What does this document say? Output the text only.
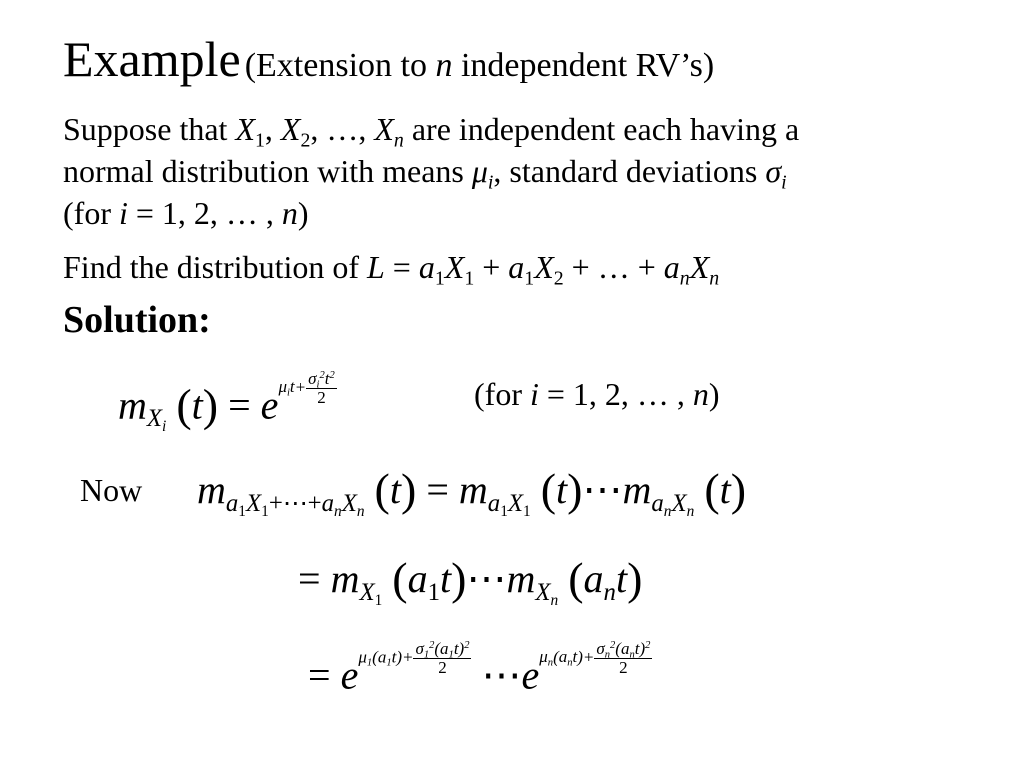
Example (Extension to n independent RV’s)
Suppose that $X_1$, $X_2$, …, $X_n$ are independent each having a
normal distribution with means $\mu_i$, standard deviations $\sigma_i$
(for i = 1, 2, … , n)
Find the distribution of $L = a_1X_1 + a_1X_2$ + … + $a_nX_n$
Solution:
$m_{X_i}$ $(t) = e\mu_it+ \frac{\sigma_i^2t^2}{2}$	(for i = 1, 2, … , n)
Now $m_{a_1X_1+\cdots+a_nX_n}$ $(t) = m_{a_1X_1}$ $(t)\cdots m_{a_nX_n}$ (t)
= $m_{X_1}$ $(a_1t)\cdots m_{X_n}$ $(a_nt)$
= $e\mu_1(a_1t)+ \frac{\sigma_1^2(a_1t)^2}{2}$ $\cdots e\mu_n(a_nt)+ \frac{\sigma_n^2(a_nt)^2}{2}$
